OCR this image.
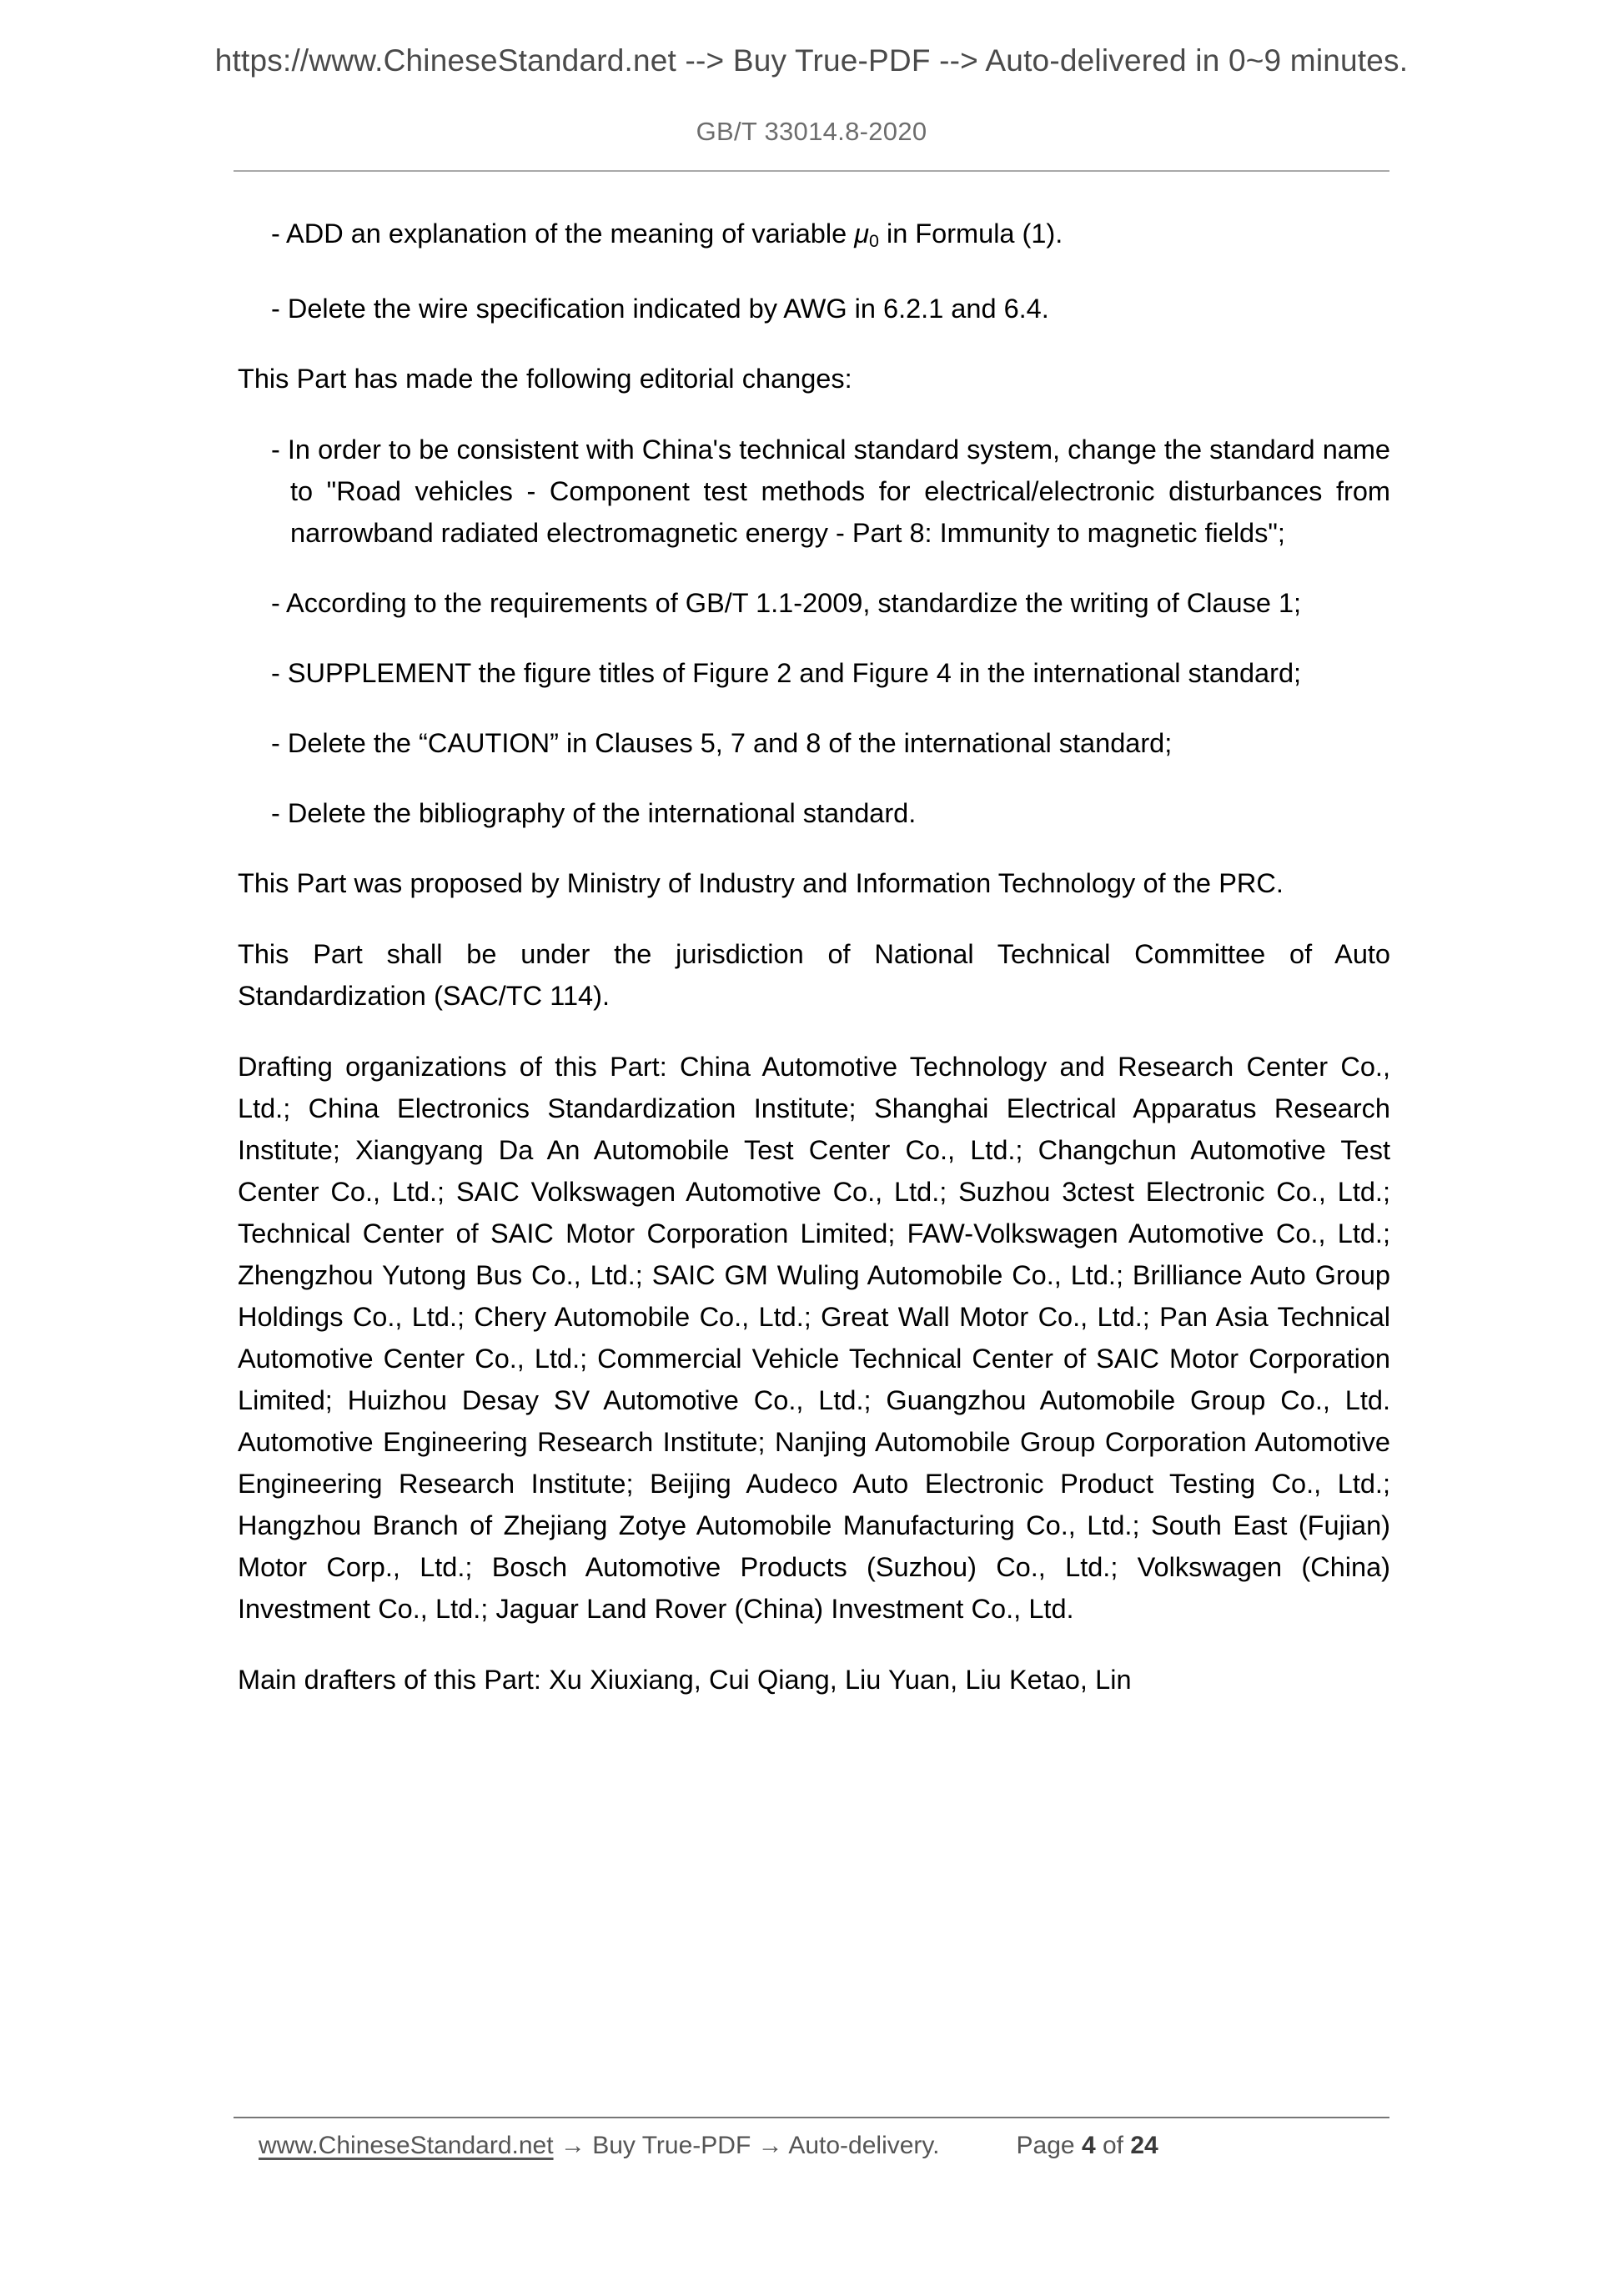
https://www.ChineseStandard.net --> Buy True-PDF --> Auto-delivered in 0~9 minutes.
GB/T 33014.8-2020

- ADD an explanation of the meaning of variable $\mu_0$ in Formula (1).

- Delete the wire specification indicated by AWG in 6.2.1 and 6.4.

This Part has made the following editorial changes:

- In order to be consistent with China's technical standard system, change the standard name to "Road vehicles - Component test methods for electrical/electronic disturbances from narrowband radiated electromagnetic energy - Part 8: Immunity to magnetic fields";

- According to the requirements of GB/T 1.1-2009, standardize the writing of Clause 1;

- SUPPLEMENT the figure titles of Figure 2 and Figure 4 in the international standard;

- Delete the “CAUTION” in Clauses 5, 7 and 8 of the international standard;

- Delete the bibliography of the international standard.

This Part was proposed by Ministry of Industry and Information Technology of the PRC.

This Part shall be under the jurisdiction of National Technical Committee of Auto Standardization (SAC/TC 114).

Drafting organizations of this Part: China Automotive Technology and Research Center Co., Ltd.; China Electronics Standardization Institute; Shanghai Electrical Apparatus Research Institute; Xiangyang Da An Automobile Test Center Co., Ltd.; Changchun Automotive Test Center Co., Ltd.; SAIC Volkswagen Automotive Co., Ltd.; Suzhou 3ctest Electronic Co., Ltd.; Technical Center of SAIC Motor Corporation Limited; FAW-Volkswagen Automotive Co., Ltd.; Zhengzhou Yutong Bus Co., Ltd.; SAIC GM Wuling Automobile Co., Ltd.; Brilliance Auto Group Holdings Co., Ltd.; Chery Automobile Co., Ltd.; Great Wall Motor Co., Ltd.; Pan Asia Technical Automotive Center Co., Ltd.; Commercial Vehicle Technical Center of SAIC Motor Corporation Limited; Huizhou Desay SV Automotive Co., Ltd.; Guangzhou Automobile Group Co., Ltd. Automotive Engineering Research Institute; Nanjing Automobile Group Corporation Automotive Engineering Research Institute; Beijing Audeco Auto Electronic Product Testing Co., Ltd.; Hangzhou Branch of Zhejiang Zotye Automobile Manufacturing Co., Ltd.; South East (Fujian) Motor Corp., Ltd.; Bosch Automotive Products (Suzhou) Co., Ltd.; Volkswagen (China) Investment Co., Ltd.; Jaguar Land Rover (China) Investment Co., Ltd.

Main drafters of this Part: Xu Xiuxiang, Cui Qiang, Liu Yuan, Liu Ketao, Lin

www.ChineseStandard.net → Buy True-PDF → Auto-delivery.	Page 4 of 24
